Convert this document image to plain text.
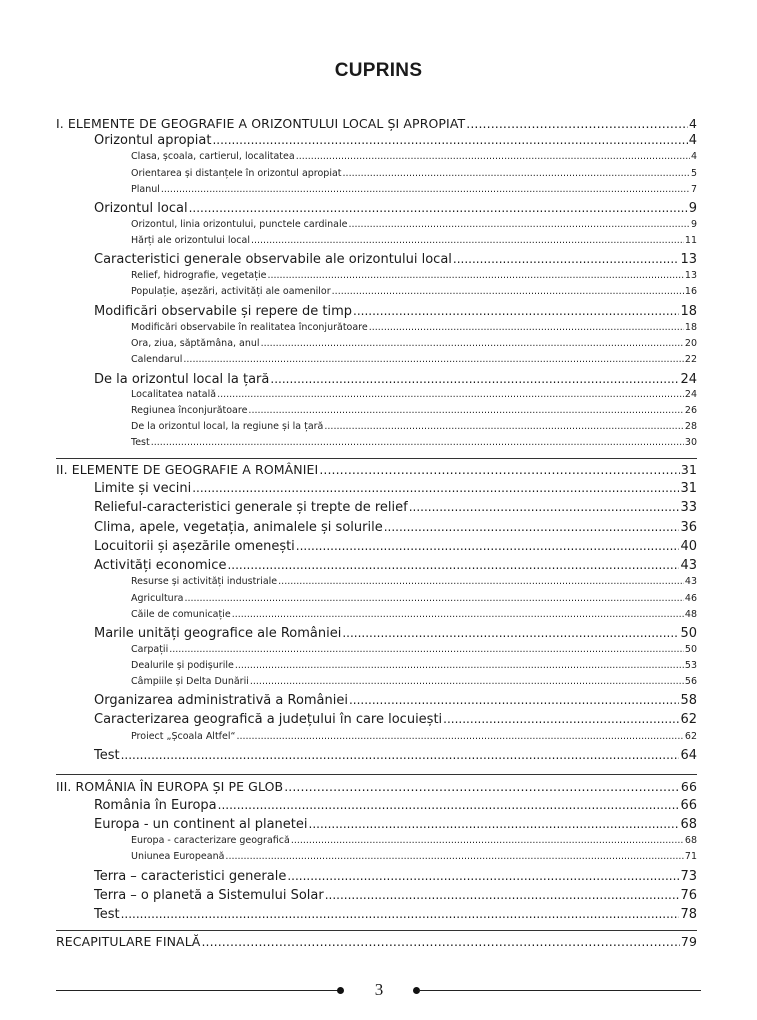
CUPRINS
I. ELEMENTE DE GEOGRAFIE A ORIZONTULUI LOCAL ȘI APROPIAT .....	4
Orizontul apropiat .....	4
Clasa, școala, cartierul, localitatea .....	4
Orientarea și distanțele în orizontul apropiat .....	5
Planul .....	7
Orizontul local .....	9
Orizontul, linia orizontului, punctele cardinale .....	9
Hărți ale orizontului local .....	11
Caracteristici generale observabile ale orizontului local .....	13
Relief, hidrografie, vegetație .....	13
Populație, așezări, activități ale oamenilor .....	16
Modificări observabile și repere de timp .....	18
Modificări observabile în realitatea înconjurătoare .....	18
Ora, ziua, săptămâna, anul .....	20
Calendarul .....	22
De la orizontul local la țară .....	24
Localitatea natală .....	24
Regiunea înconjurătoare .....	26
De la orizontul local, la regiune și la țară .....	28
Test .....	30
II. ELEMENTE DE GEOGRAFIE A ROMÂNIEI .....	31
Limite și vecini .....	31
Relieful-caracteristici generale și trepte de relief .....	33
Clima, apele, vegetația, animalele și solurile .....	36
Locuitorii și așezările omenești .....	40
Activități economice .....	43
Resurse și activități industriale .....	43
Agricultura .....	46
Căile de comunicație .....	48
Marile unități geografice ale României .....	50
Carpații .....	50
Dealurile și podișurile .....	53
Câmpiile și Delta Dunării .....	56
Organizarea administrativă a României .....	58
Caracterizarea geografică a județului în care locuiești .....	62
Proiect „Școala Altfel“ .....	62
Test .....	64
III. ROMÂNIA ÎN EUROPA ȘI PE GLOB .....	66
România în Europa .....	66
Europa - un continent al planetei .....	68
Europa - caracterizare geografică .....	68
Uniunea Europeană .....	71
Terra – caracteristici generale .....	73
Terra – o planetă a Sistemului Solar .....	76
Test .....	78
RECAPITULARE FINALĂ .....	79
3
